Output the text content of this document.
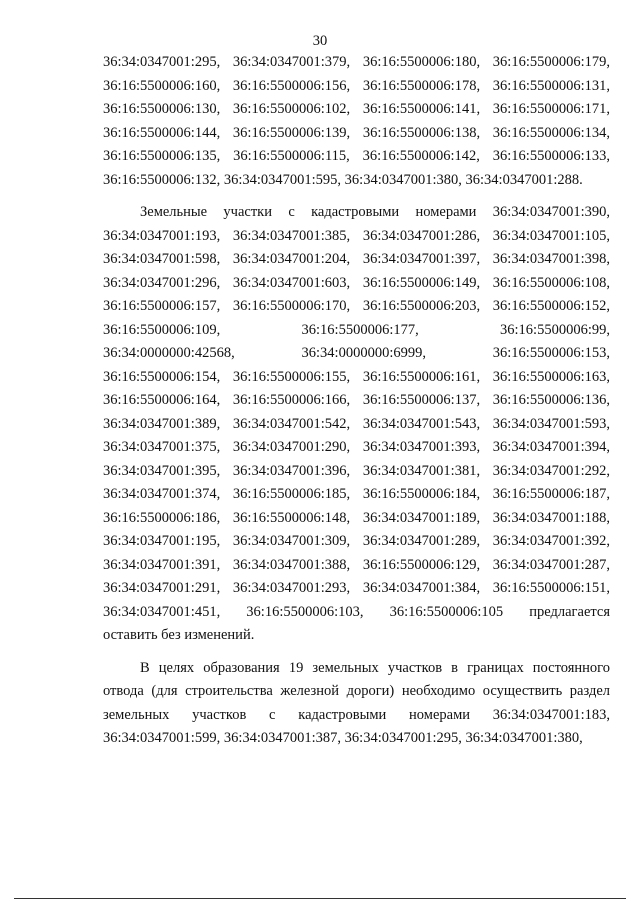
30
36:34:0347001:295, 36:34:0347001:379, 36:16:5500006:180, 36:16:5500006:179,
36:16:5500006:160, 36:16:5500006:156, 36:16:5500006:178, 36:16:5500006:131,
36:16:5500006:130, 36:16:5500006:102, 36:16:5500006:141, 36:16:5500006:171,
36:16:5500006:144, 36:16:5500006:139, 36:16:5500006:138, 36:16:5500006:134,
36:16:5500006:135, 36:16:5500006:115, 36:16:5500006:142, 36:16:5500006:133,
36:16:5500006:132, 36:34:0347001:595, 36:34:0347001:380, 36:34:0347001:288.
Земельные участки с кадастровыми номерами 36:34:0347001:390,
36:34:0347001:193, 36:34:0347001:385, 36:34:0347001:286, 36:34:0347001:105,
36:34:0347001:598, 36:34:0347001:204, 36:34:0347001:397, 36:34:0347001:398,
36:34:0347001:296, 36:34:0347001:603, 36:16:5500006:149, 36:16:5500006:108,
36:16:5500006:157, 36:16:5500006:170, 36:16:5500006:203, 36:16:5500006:152,
36:16:5500006:109, 36:16:5500006:177, 36:16:5500006:99,
36:34:0000000:42568, 36:34:0000000:6999, 36:16:5500006:153,
36:16:5500006:154, 36:16:5500006:155, 36:16:5500006:161, 36:16:5500006:163,
36:16:5500006:164, 36:16:5500006:166, 36:16:5500006:137, 36:16:5500006:136,
36:34:0347001:389, 36:34:0347001:542, 36:34:0347001:543, 36:34:0347001:593,
36:34:0347001:375, 36:34:0347001:290, 36:34:0347001:393, 36:34:0347001:394,
36:34:0347001:395, 36:34:0347001:396, 36:34:0347001:381, 36:34:0347001:292,
36:34:0347001:374, 36:16:5500006:185, 36:16:5500006:184, 36:16:5500006:187,
36:16:5500006:186, 36:16:5500006:148, 36:34:0347001:189, 36:34:0347001:188,
36:34:0347001:195, 36:34:0347001:309, 36:34:0347001:289, 36:34:0347001:392,
36:34:0347001:391, 36:34:0347001:388, 36:16:5500006:129, 36:34:0347001:287,
36:34:0347001:291, 36:34:0347001:293, 36:34:0347001:384, 36:16:5500006:151,
36:34:0347001:451, 36:16:5500006:103, 36:16:5500006:105 предлагается
оставить без изменений.
В целях образования 19 земельных участков в границах постоянного
отвода (для строительства железной дороги) необходимо осуществить раздел
земельных участков с кадастровыми номерами 36:34:0347001:183,
36:34:0347001:599, 36:34:0347001:387, 36:34:0347001:295, 36:34:0347001:380,
